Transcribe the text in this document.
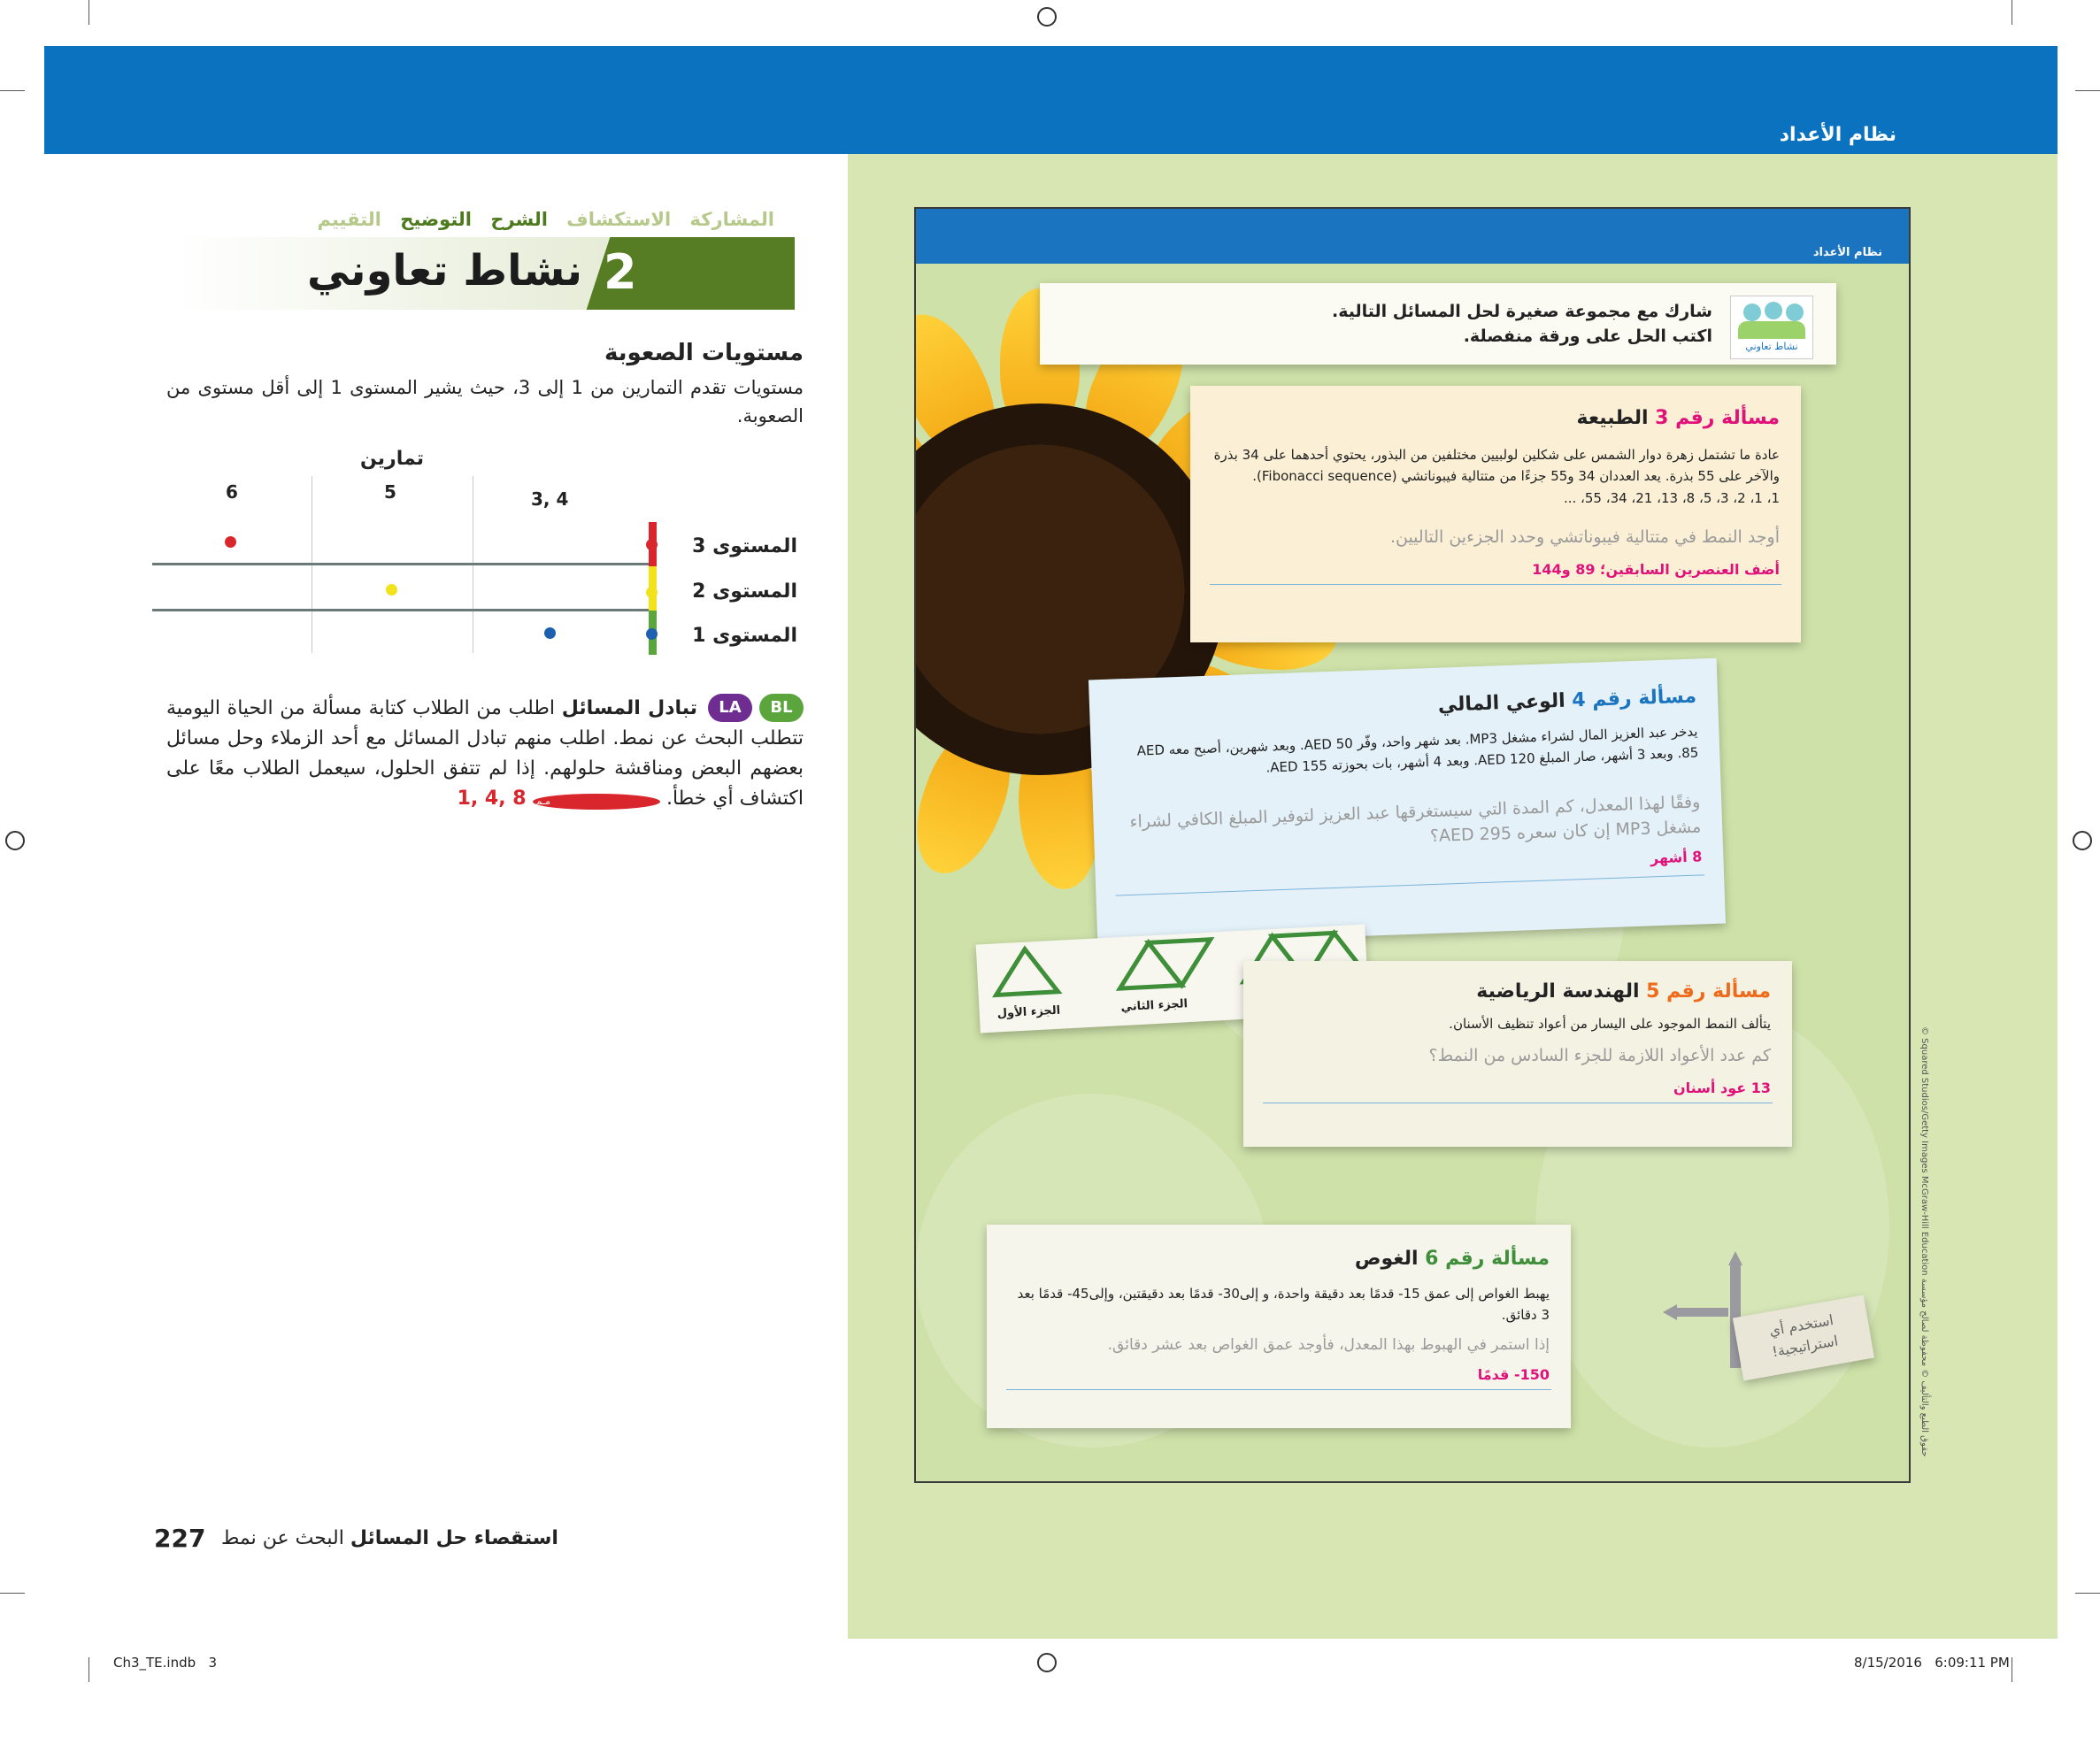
نظام الأعداد
المشاركة الاستكشاف الشرح التوضيح التقييم
2
نشاط تعاوني
مستويات الصعوبة
مستويات تقدم التمارين من 1 إلى 3، حيث يشير المستوى 1 إلى أقل مستوى من الصعوبة.
تمارين
3, 4
5
6
المستوى 3
المستوى 2
المستوى 1
BL
LA
تبادل المسائل اطلب من الطلاب كتابة مسألة من الحياة اليومية تتطلب البحث عن نمط. اطلب منهم تبادل المسائل مع أحد الزملاء وحل مسائل بعضهم البعض ومناقشة حلولهم. إذا لم تتفق الحلول، سيعمل الطلاب معًا على اكتشاف أي خطأ. مـم 1, 4, 8
227	استقصاء حل المسائل البحث عن نمط
Ch3_TE.indb   3	8/15/2016   6:09:11 PM
نظام الأعداد
نشاط تعاوني
شارك مع مجموعة صغيرة لحل المسائل التالية.
اكتب الحل على ورقة منفصلة.
مسألة رقم 3 الطبيعة
عادة ما تشتمل زهرة دوار الشمس على شكلين لولبيين مختلفين من البذور، يحتوي أحدهما على 34 بذرة والآخر على 55 بذرة. يعد العددان 34 و55 جزءًا من متتالية فيبوناتشي (Fibonacci sequence).
1، 1، 2، 3، 5، 8، 13، 21، 34، 55، ...
أوجد النمط في متتالية فيبوناتشي وحدد الجزءين التاليين.
أضف العنصرين السابقين؛ 89 و144
مسألة رقم 4 الوعي المالي
يدخر عبد العزيز المال لشراء مشغل MP3. بعد شهر واحد، وفّر AED 50. وبعد شهرين، أصبح معه AED 85. وبعد 3 أشهر، صار المبلغ AED 120. وبعد 4 أشهر، بات بحوزته AED 155.
وفقًا لهذا المعدل، كم المدة التي سيستغرقها عبد العزيز لتوفير المبلغ الكافي لشراء مشغل MP3 إن كان سعره AED 295؟
8 أشهر
الجزء الأول	الجزء الثاني
مسألة رقم 5 الهندسة الرياضية
يتألف النمط الموجود على اليسار من أعواد تنظيف الأسنان.
كم عدد الأعواد اللازمة للجزء السادس من النمط؟
13 عود أسنان
مسألة رقم 6 الغوص
يهبط الغواص إلى عمق 15- قدمًا بعد دقيقة واحدة، و إلى30- قدمًا بعد دقيقتين، وإلى45- قدمًا بعد 3 دقائق.
إذا استمر في الهبوط بهذا المعدل، فأوجد عمق الغواص بعد عشر دقائق.
150- قدمًا
استخدم أي استراتيجية!
© Squared Studios/Getty Images McGraw-Hill Education حقوق الطبع والتأليف © محفوظة لصالح مؤسسة
